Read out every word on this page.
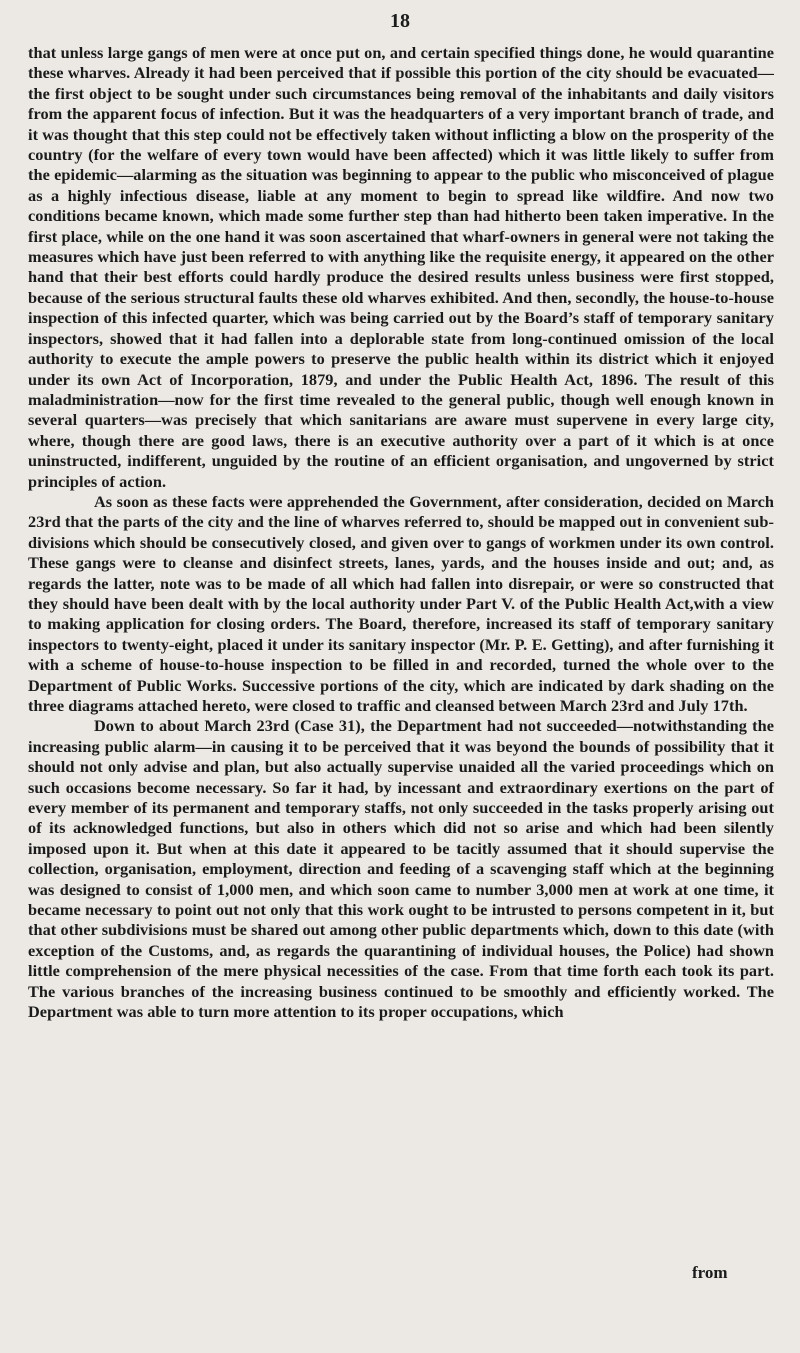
18

that unless large gangs of men were at once put on, and certain specified things done, he would quarantine these wharves. Already it had been perceived that if possible this portion of the city should be evacuated—the first object to be sought under such circumstances being removal of the inhabitants and daily visitors from the apparent focus of infection. But it was the headquarters of a very important branch of trade, and it was thought that this step could not be effectively taken without inflicting a blow on the prosperity of the country (for the welfare of every town would have been affected) which it was little likely to suffer from the epidemic—alarming as the situation was beginning to appear to the public who misconceived of plague as a highly infectious disease, liable at any moment to begin to spread like wildfire. And now two conditions became known, which made some further step than had hitherto been taken imperative. In the first place, while on the one hand it was soon ascertained that wharf-owners in general were not taking the measures which have just been referred to with anything like the requisite energy, it appeared on the other hand that their best efforts could hardly produce the desired results unless business were first stopped, because of the serious structural faults these old wharves exhibited. And then, secondly, the house-to-house inspection of this infected quarter, which was being carried out by the Board’s staff of temporary sanitary inspectors, showed that it had fallen into a deplorable state from long-continued omission of the local authority to execute the ample powers to preserve the public health within its district which it enjoyed under its own Act of Incorporation, 1879, and under the Public Health Act, 1896. The result of this maladministration—now for the first time revealed to the general public, though well enough known in several quarters—was precisely that which sanitarians are aware must supervene in every large city, where, though there are good laws, there is an executive authority over a part of it which is at once uninstructed, indifferent, unguided by the routine of an efficient organisation, and ungoverned by strict principles of action.

As soon as these facts were apprehended the Government, after consideration, decided on March 23rd that the parts of the city and the line of wharves referred to, should be mapped out in convenient sub-divisions which should be consecutively closed, and given over to gangs of workmen under its own control. These gangs were to cleanse and disinfect streets, lanes, yards, and the houses inside and out; and, as regards the latter, note was to be made of all which had fallen into disrepair, or were so constructed that they should have been dealt with by the local authority under Part V. of the Public Health Act,with a view to making application for closing orders. The Board, therefore, increased its staff of temporary sanitary inspectors to twenty-eight, placed it under its sanitary inspector (Mr. P. E. Getting), and after furnishing it with a scheme of house-to-house inspection to be filled in and recorded, turned the whole over to the Department of Public Works. Successive portions of the city, which are indicated by dark shading on the three diagrams attached hereto, were closed to traffic and cleansed between March 23rd and July 17th.

Down to about March 23rd (Case 31), the Department had not succeeded—notwithstanding the increasing public alarm—in causing it to be perceived that it was beyond the bounds of possibility that it should not only advise and plan, but also actually supervise unaided all the varied proceedings which on such occasions become necessary. So far it had, by incessant and extraordinary exertions on the part of every member of its permanent and temporary staffs, not only succeeded in the tasks properly arising out of its acknowledged functions, but also in others which did not so arise and which had been silently imposed upon it. But when at this date it appeared to be tacitly assumed that it should supervise the collection, organisation, employment, direction and feeding of a scavenging staff which at the beginning was designed to consist of 1,000 men, and which soon came to number 3,000 men at work at one time, it became necessary to point out not only that this work ought to be intrusted to persons competent in it, but that other subdivisions must be shared out among other public departments which, down to this date (with exception of the Customs, and, as regards the quarantining of individual houses, the Police) had shown little comprehension of the mere physical necessities of the case. From that time forth each took its part. The various branches of the increasing business continued to be smoothly and efficiently worked. The Department was able to turn more attention to its proper occupations, which

from
